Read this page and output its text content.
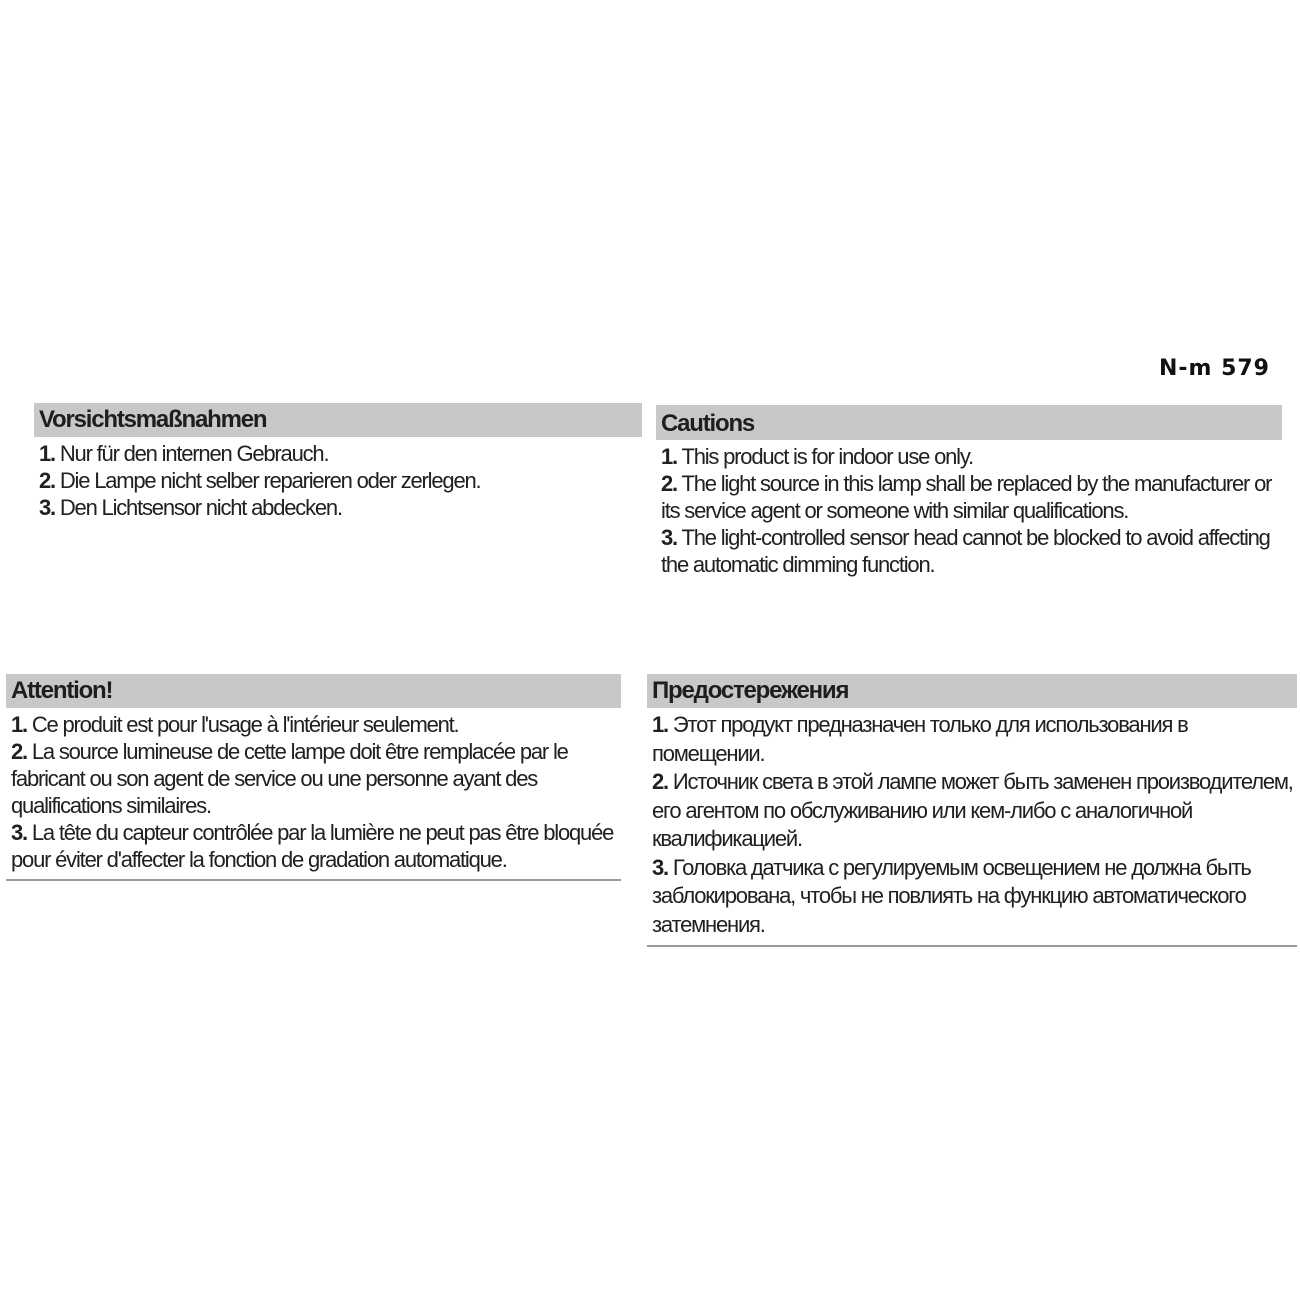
N-m 579
Vorsichtsmaßnahmen
1. Nur für den internen Gebrauch.
2. Die Lampe nicht selber reparieren oder zerlegen.
3. Den Lichtsensor nicht abdecken.
Cautions
1. This product is for indoor use only.
2. The light source in this lamp shall be replaced by the manufacturer or its service agent or someone with similar qualifications.
3. The light-controlled sensor head cannot be blocked to avoid affecting the automatic dimming function.
Attention!
1. Ce produit est pour l'usage à l'intérieur seulement.
2. La source lumineuse de cette lampe doit être remplacée par le fabricant ou son agent de service ou une personne ayant des qualifications similaires.
3. La tête du capteur contrôlée par la lumière ne peut pas être bloquée pour éviter d'affecter la fonction de gradation automatique.
Предостережения
1. Этот продукт предназначен только для использования в помещении.
2. Источник света в этой лампе может быть заменен производителем, его агентом по обслуживанию или кем-либо с аналогичной квалификацией.
3. Головка датчика с регулируемым освещением не должна быть заблокирована, чтобы не повлиять на функцию автоматического затемнения.
